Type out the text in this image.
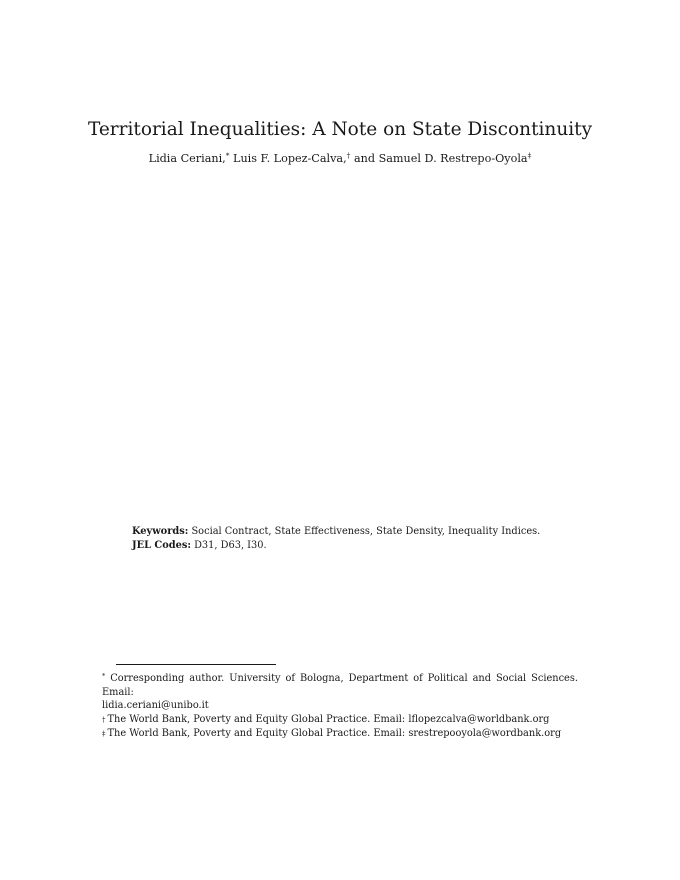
Territorial Inequalities: A Note on State Discontinuity
Lidia Ceriani,* Luis F. Lopez-Calva,† and Samuel D. Restrepo-Oyola‡
Keywords: Social Contract, State Effectiveness, State Density, Inequality Indices.
JEL Codes: D31, D63, I30.

* Corresponding author. University of Bologna, Department of Political and Social Sciences. Email:

lidia.ceriani@unibo.it

† The World Bank, Poverty and Equity Global Practice. Email: lflopezcalva@worldbank.org

‡ The World Bank, Poverty and Equity Global Practice. Email: srestrepooyola@wordbank.org
